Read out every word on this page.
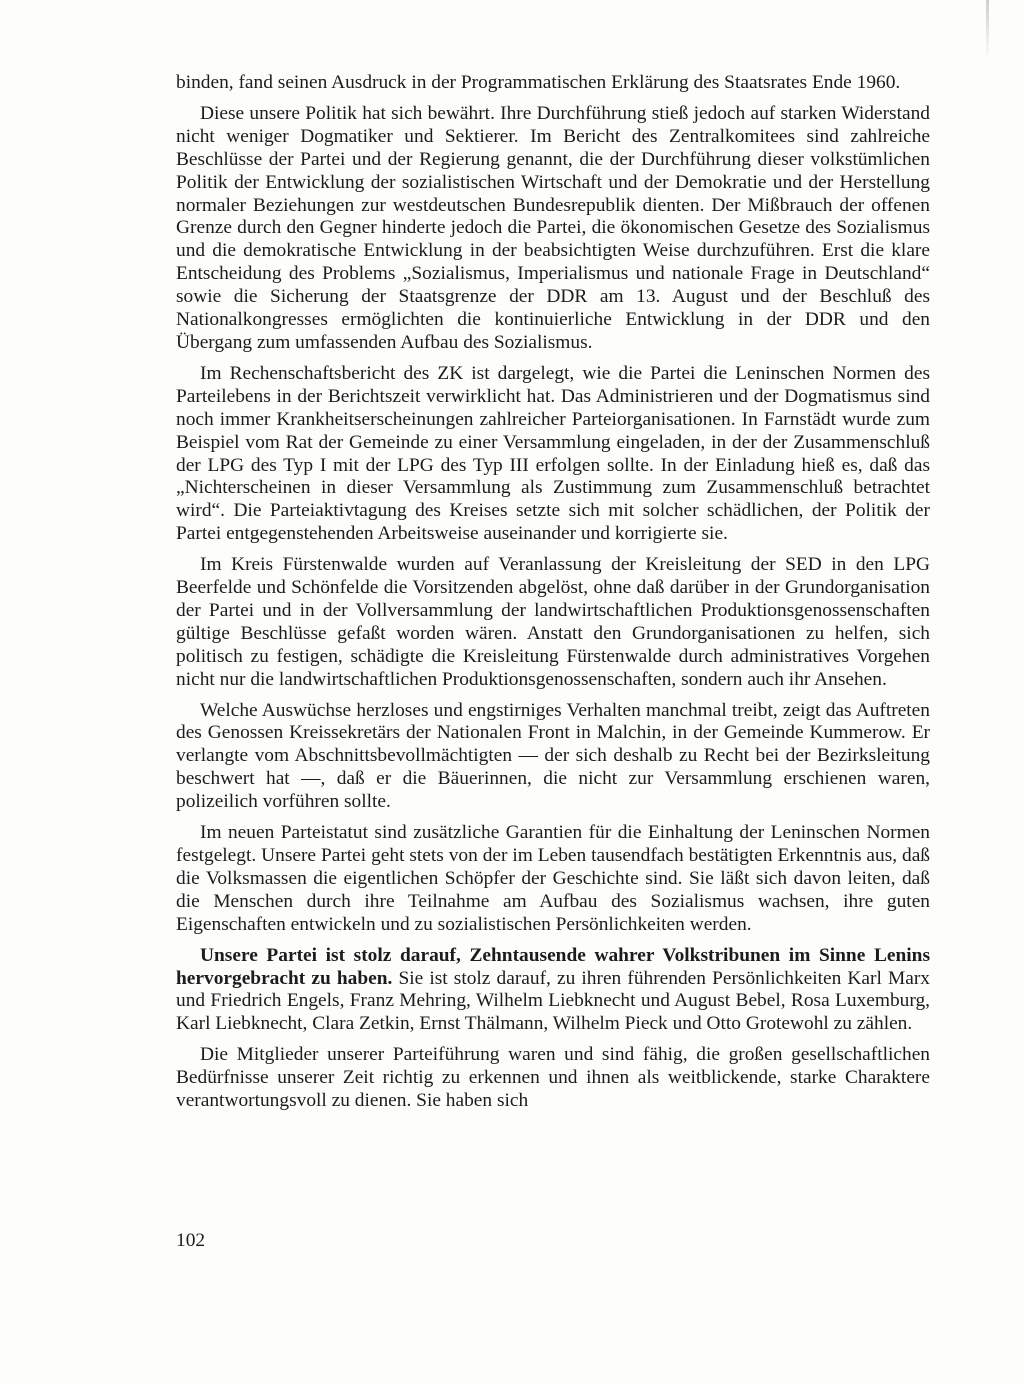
binden, fand seinen Ausdruck in der Programmatischen Erklärung des Staatsrates Ende 1960.

Diese unsere Politik hat sich bewährt. Ihre Durchführung stieß jedoch auf starken Widerstand nicht weniger Dogmatiker und Sektierer. Im Bericht des Zentralkomitees sind zahlreiche Beschlüsse der Partei und der Regierung genannt, die der Durchführung dieser volkstümlichen Politik der Entwicklung der sozialistischen Wirtschaft und der Demokratie und der Herstellung normaler Beziehungen zur westdeutschen Bundesrepublik dienten. Der Mißbrauch der offenen Grenze durch den Gegner hinderte jedoch die Partei, die ökonomischen Gesetze des Sozialismus und die demokratische Entwicklung in der beabsichtigten Weise durchzuführen. Erst die klare Entscheidung des Problems „Sozialismus, Imperialismus und nationale Frage in Deutschland“ sowie die Sicherung der Staatsgrenze der DDR am 13. August und der Beschluß des Nationalkongresses ermöglichten die kontinuierliche Entwicklung in der DDR und den Übergang zum umfassenden Aufbau des Sozialismus.

Im Rechenschaftsbericht des ZK ist dargelegt, wie die Partei die Leninschen Normen des Parteilebens in der Berichtszeit verwirklicht hat. Das Administrieren und der Dogmatismus sind noch immer Krankheitserscheinungen zahlreicher Parteiorganisationen. In Farnstädt wurde zum Beispiel vom Rat der Gemeinde zu einer Versammlung eingeladen, in der der Zusammenschluß der LPG des Typ I mit der LPG des Typ III erfolgen sollte. In der Einladung hieß es, daß das „Nichterscheinen in dieser Versammlung als Zustimmung zum Zusammenschluß betrachtet wird“. Die Parteiaktivtagung des Kreises setzte sich mit solcher schädlichen, der Politik der Partei entgegenstehenden Arbeitsweise auseinander und korrigierte sie.

Im Kreis Fürstenwalde wurden auf Veranlassung der Kreisleitung der SED in den LPG Beerfelde und Schönfelde die Vorsitzenden abgelöst, ohne daß darüber in der Grundorganisation der Partei und in der Vollversammlung der landwirtschaftlichen Produktionsgenossenschaften gültige Beschlüsse gefaßt worden wären. Anstatt den Grundorganisationen zu helfen, sich politisch zu festigen, schädigte die Kreisleitung Fürstenwalde durch administratives Vorgehen nicht nur die landwirtschaftlichen Produktionsgenossenschaften, sondern auch ihr Ansehen.

Welche Auswüchse herzloses und engstirniges Verhalten manchmal treibt, zeigt das Auftreten des Genossen Kreissekretärs der Nationalen Front in Malchin, in der Gemeinde Kummerow. Er verlangte vom Abschnittsbevollmächtigten — der sich deshalb zu Recht bei der Bezirksleitung beschwert hat —, daß er die Bäuerinnen, die nicht zur Versammlung erschienen waren, polizeilich vorführen sollte.

Im neuen Parteistatut sind zusätzliche Garantien für die Einhaltung der Leninschen Normen festgelegt. Unsere Partei geht stets von der im Leben tausendfach bestätigten Erkenntnis aus, daß die Volksmassen die eigentlichen Schöpfer der Geschichte sind. Sie läßt sich davon leiten, daß die Menschen durch ihre Teilnahme am Aufbau des Sozialismus wachsen, ihre guten Eigenschaften entwickeln und zu sozialistischen Persönlichkeiten werden.

Unsere Partei ist stolz darauf, Zehntausende wahrer Volkstribunen im Sinne Lenins hervorgebracht zu haben. Sie ist stolz darauf, zu ihren führenden Persönlichkeiten Karl Marx und Friedrich Engels, Franz Mehring, Wilhelm Liebknecht und August Bebel, Rosa Luxemburg, Karl Liebknecht, Clara Zetkin, Ernst Thälmann, Wilhelm Pieck und Otto Grotewohl zu zählen.

Die Mitglieder unserer Parteiführung waren und sind fähig, die großen gesellschaftlichen Bedürfnisse unserer Zeit richtig zu erkennen und ihnen als weitblickende, starke Charaktere verantwortungsvoll zu dienen. Sie haben sich

102
